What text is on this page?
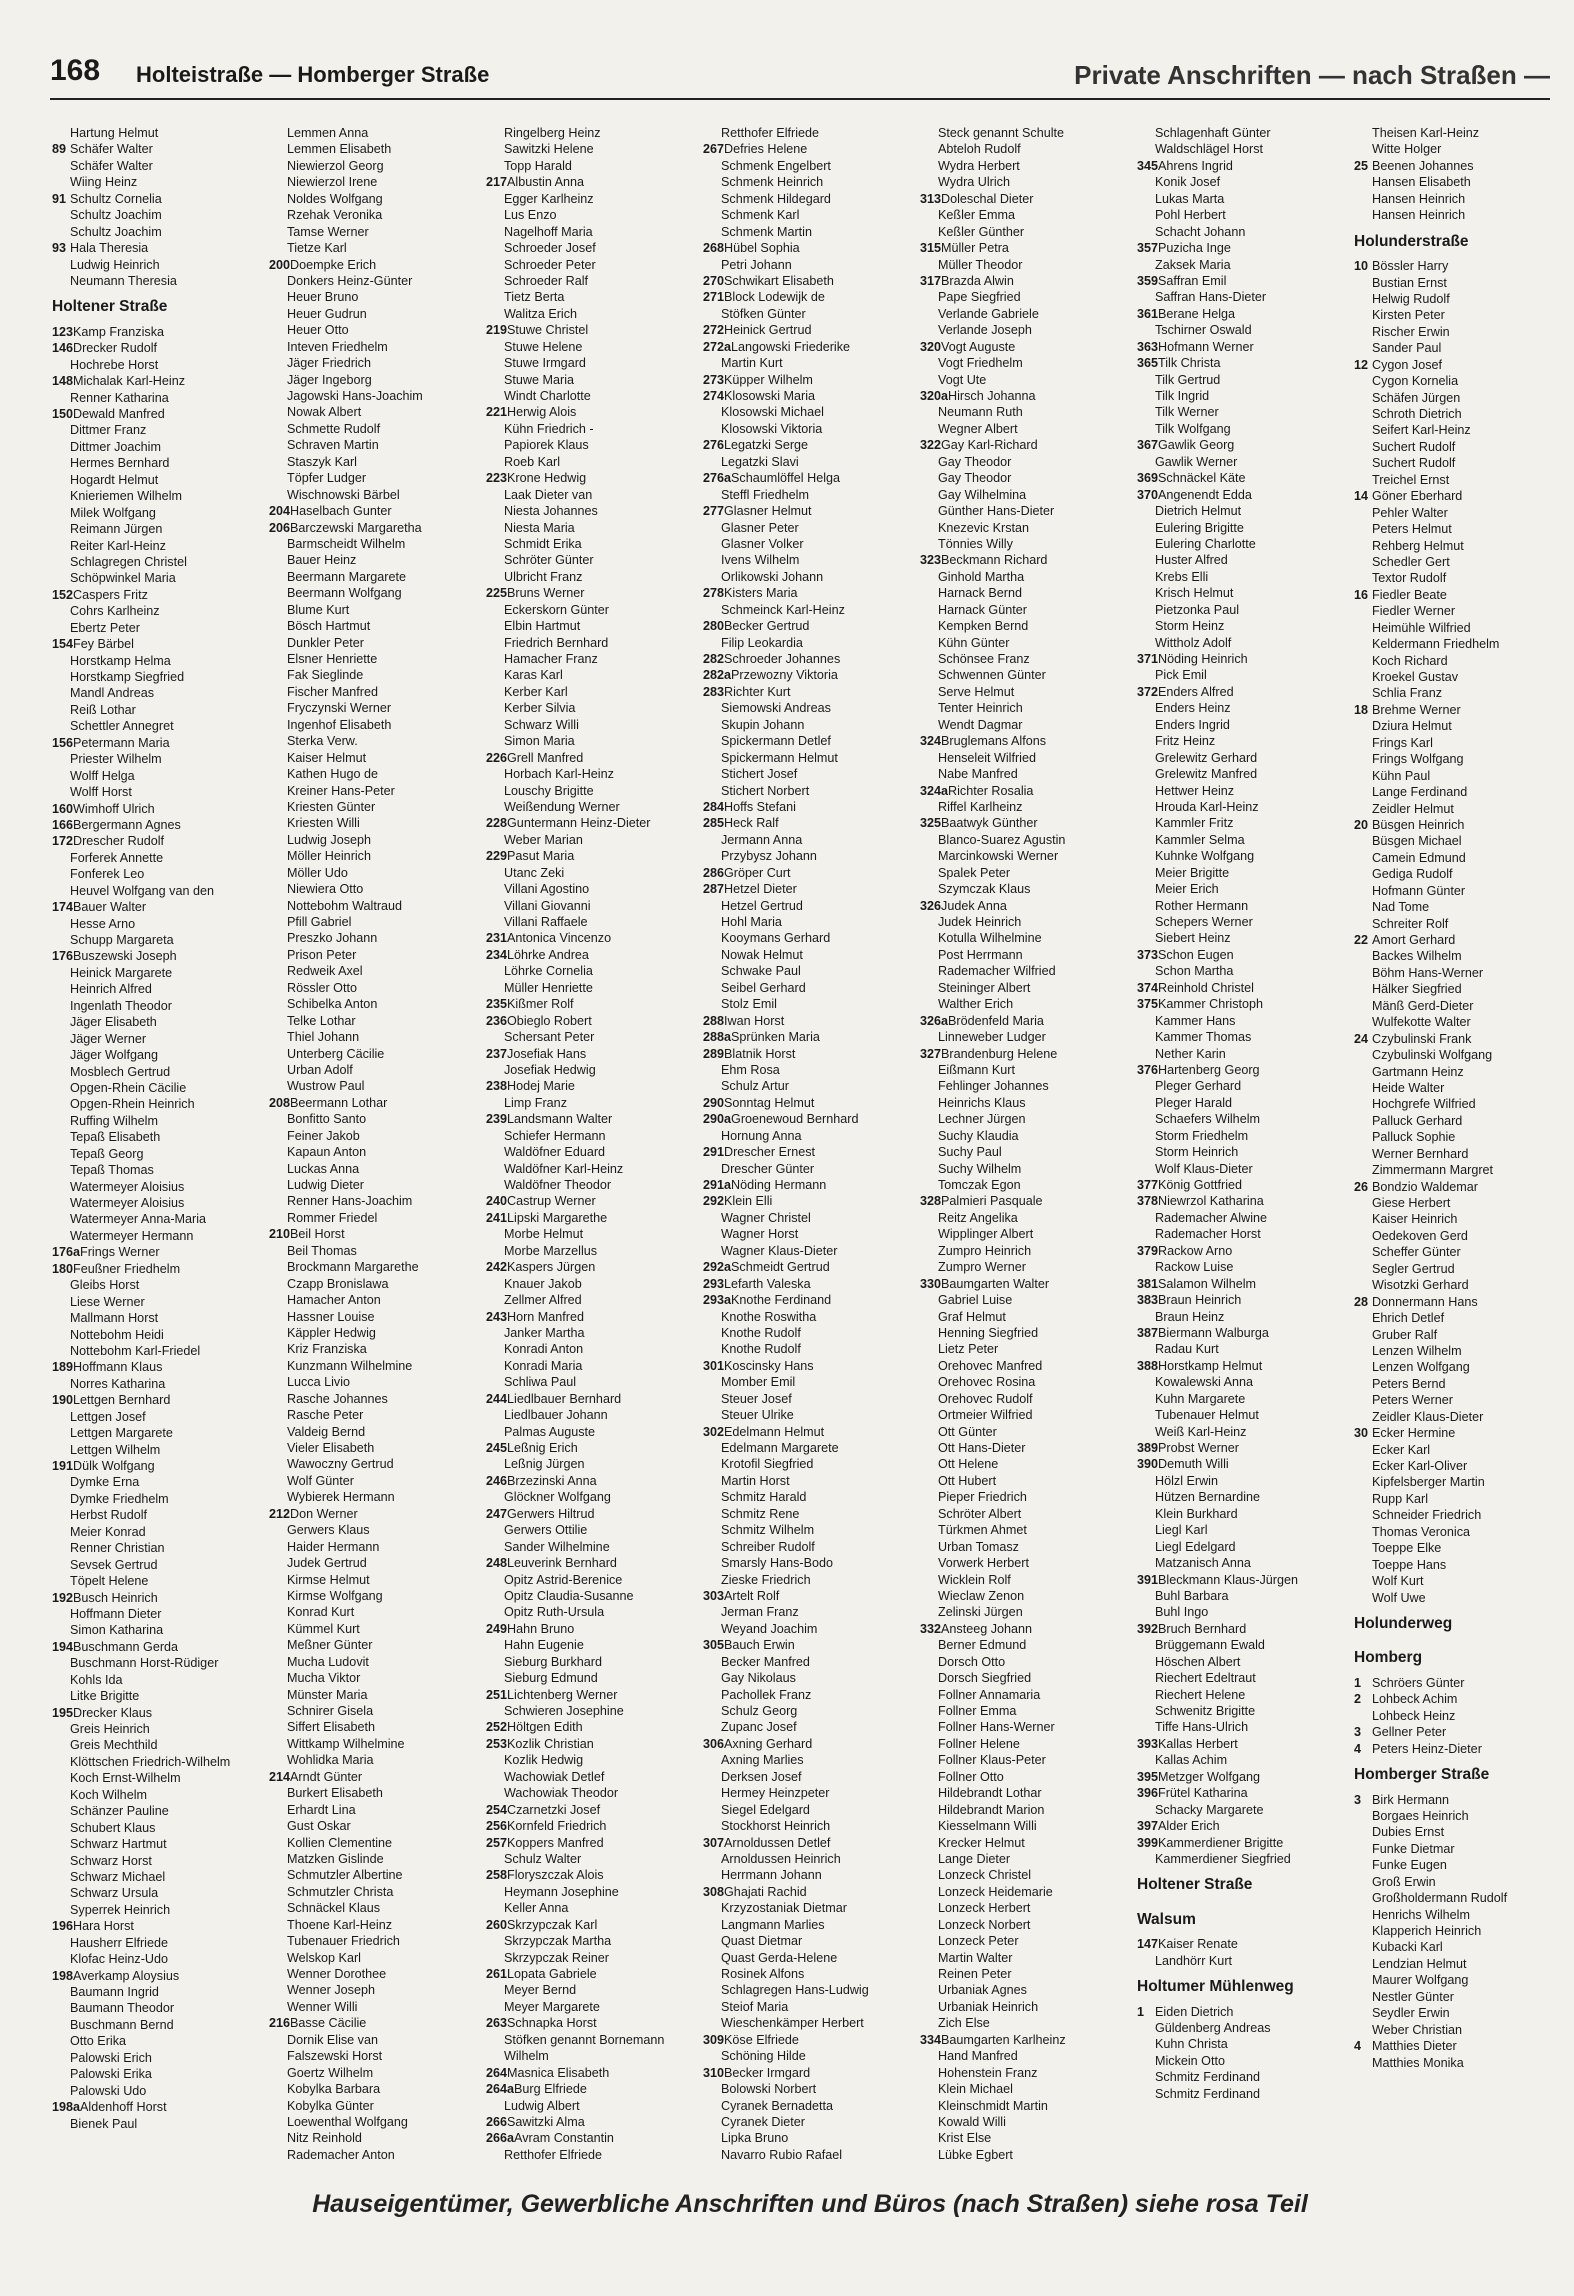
168 Holteistraße — Homberger Straße	Private Anschriften — nach Straßen —
Hartung Helmut
89Schäfer Walter
Schäfer Walter
Wiing Heinz
91Schultz Cornelia
Schultz Joachim
Schultz Joachim
93Hala Theresia
Ludwig Heinrich
Neumann Theresia
Holtener Straße
123Kamp Franziska
146Drecker Rudolf
Hochrebe Horst
148Michalak Karl-Heinz
Renner Katharina
150Dewald Manfred
Dittmer Franz
Dittmer Joachim
Hermes Bernhard
Hogardt Helmut
Knieriemen Wilhelm
Milek Wolfgang
Reimann Jürgen
Reiter Karl-Heinz
Schlagregen Christel
Schöpwinkel Maria
152Caspers Fritz
Cohrs Karlheinz
Ebertz Peter
154Fey Bärbel
Horstkamp Helma
Horstkamp Siegfried
Mandl Andreas
Reiß Lothar
Schettler Annegret
156Petermann Maria
Priester Wilhelm
Wolff Helga
Wolff Horst
160Wimhoff Ulrich
166Bergermann Agnes
172Drescher Rudolf
Forferek Annette
Fonferek Leo
Heuvel Wolfgang van den
174Bauer Walter
Hesse Arno
Schupp Margareta
176Buszewski Joseph
Heinick Margarete
Heinrich Alfred
Ingenlath Theodor
Jäger Elisabeth
Jäger Werner
Jäger Wolfgang
Mosblech Gertrud
Opgen-Rhein Cäcilie
Opgen-Rhein Heinrich
Ruffing Wilhelm
Tepaß Elisabeth
Tepaß Georg
Tepaß Thomas
Watermeyer Aloisius
Watermeyer Aloisius
Watermeyer Anna-Maria
Watermeyer Hermann
176aFrings Werner
180Feußner Friedhelm
Gleibs Horst
Liese Werner
Mallmann Horst
Nottebohm Heidi
Nottebohm Karl-Friedel
189Hoffmann Klaus
Norres Katharina
190Lettgen Bernhard
Lettgen Josef
Lettgen Margarete
Lettgen Wilhelm
191Dülk Wolfgang
Dymke Erna
Dymke Friedhelm
Herbst Rudolf
Meier Konrad
Renner Christian
Sevsek Gertrud
Töpelt Helene
192Busch Heinrich
Hoffmann Dieter
Simon Katharina
194Buschmann Gerda
Buschmann Horst-Rüdiger
Kohls Ida
Litke Brigitte
195Drecker Klaus
Greis Heinrich
Greis Mechthild
Klöttschen Friedrich-Wilhelm
Koch Ernst-Wilhelm
Koch Wilhelm
Schänzer Pauline
Schubert Klaus
Schwarz Hartmut
Schwarz Horst
Schwarz Michael
Schwarz Ursula
Syperrek Heinrich
196Hara Horst
Hausherr Elfriede
Klofac Heinz-Udo
198Averkamp Aloysius
Baumann Ingrid
Baumann Theodor
Buschmann Bernd
Otto Erika
Palowski Erich
Palowski Erika
Palowski Udo
198aAldenhoff Horst
Bienek Paul
Lemmen Anna
Lemmen Elisabeth
Niewierzol Georg
Niewierzol Irene
Noldes Wolfgang
Rzehak Veronika
Tamse Werner
Tietze Karl
200Doempke Erich
Donkers Heinz-Günter
Heuer Bruno
Heuer Gudrun
Heuer Otto
Inteven Friedhelm
Jäger Friedrich
Jäger Ingeborg
Jagowski Hans-Joachim
Nowak Albert
Schmette Rudolf
Schraven Martin
Staszyk Karl
Töpfer Ludger
Wischnowski Bärbel
204Haselbach Gunter
206Barczewski Margaretha
Barmscheidt Wilhelm
Bauer Heinz
Beermann Margarete
Beermann Wolfgang
Blume Kurt
Bösch Hartmut
Dunkler Peter
Elsner Henriette
Fak Sieglinde
Fischer Manfred
Fryczynski Werner
Ingenhof Elisabeth
Sterka Verw.
Kaiser Helmut
Kathen Hugo de
Kreiner Hans-Peter
Kriesten Günter
Kriesten Willi
Ludwig Joseph
Möller Heinrich
Möller Udo
Niewiera Otto
Nottebohm Waltraud
Pfill Gabriel
Preszko Johann
Prison Peter
Redweik Axel
Rössler Otto
Schibelka Anton
Telke Lothar
Thiel Johann
Unterberg Cäcilie
Urban Adolf
Wustrow Paul
208Beermann Lothar
Bonfitto Santo
Feiner Jakob
Kapaun Anton
Luckas Anna
Ludwig Dieter
Renner Hans-Joachim
Rommer Friedel
210Beil Horst
Beil Thomas
Brockmann Margarethe
Czapp Bronislawa
Hamacher Anton
Hassner Louise
Käppler Hedwig
Kriz Franziska
Kunzmann Wilhelmine
Lucca Livio
Rasche Johannes
Rasche Peter
Valdeig Bernd
Vieler Elisabeth
Wawoczny Gertrud
Wolf Günter
Wybierek Hermann
212Don Werner
Gerwers Klaus
Haider Hermann
Judek Gertrud
Kirmse Helmut
Kirmse Wolfgang
Konrad Kurt
Kümmel Kurt
Meßner Günter
Mucha Ludovit
Mucha Viktor
Münster Maria
Schnirer Gisela
Siffert Elisabeth
Wittkamp Wilhelmine
Wohlidka Maria
214Arndt Günter
Burkert Elisabeth
Erhardt Lina
Gust Oskar
Kollien Clementine
Matzken Gislinde
Schmutzler Albertine
Schmutzler Christa
Schnäckel Klaus
Thoene Karl-Heinz
Tubenauer Friedrich
Welskop Karl
Wenner Dorothee
Wenner Joseph
Wenner Willi
216Basse Cäcilie
Dornik Elise van
Falszewski Horst
Goertz Wilhelm
Kobylka Barbara
Kobylka Günter
Loewenthal Wolfgang
Nitz Reinhold
Rademacher Anton
Ringelberg Heinz
Sawitzki Helene
Topp Harald
217Albustin Anna
Egger Karlheinz
Lus Enzo
Nagelhoff Maria
Schroeder Josef
Schroeder Peter
Schroeder Ralf
Tietz Berta
Walitza Erich
219Stuwe Christel
Stuwe Helene
Stuwe Irmgard
Stuwe Maria
Windt Charlotte
221Herwig Alois
Kühn Friedrich -
Papiorek Klaus
Roeb Karl
223Krone Hedwig
Laak Dieter van
Niesta Johannes
Niesta Maria
Schmidt Erika
Schröter Günter
Ulbricht Franz
225Bruns Werner
Eckerskorn Günter
Elbin Hartmut
Friedrich Bernhard
Hamacher Franz
Karas Karl
Kerber Karl
Kerber Silvia
Schwarz Willi
Simon Maria
226Grell Manfred
Horbach Karl-Heinz
Louschy Brigitte
Weißendung Werner
228Guntermann Heinz-Dieter
Weber Marian
229Pasut Maria
Utanc Zeki
Villani Agostino
Villani Giovanni
Villani Raffaele
231Antonica Vincenzo
234Löhrke Andrea
Löhrke Cornelia
Müller Henriette
235Kißmer Rolf
236Obieglo Robert
Schersant Peter
237Josefiak Hans
Josefiak Hedwig
238Hodej Marie
Limp Franz
239Landsmann Walter
Schiefer Hermann
Waldöfner Eduard
Waldöfner Karl-Heinz
Waldöfner Theodor
240Castrup Werner
241Lipski Margarethe
Morbe Helmut
Morbe Marzellus
242Kaspers Jürgen
Knauer Jakob
Zellmer Alfred
243Horn Manfred
Janker Martha
Konradi Anton
Konradi Maria
Schliwa Paul
244Liedlbauer Bernhard
Liedlbauer Johann
Palmas Auguste
245Leßnig Erich
Leßnig Jürgen
246Brzezinski Anna
Glöckner Wolfgang
247Gerwers Hiltrud
Gerwers Ottilie
Sander Wilhelmine
248Leuverink Bernhard
Opitz Astrid-Berenice
Opitz Claudia-Susanne
Opitz Ruth-Ursula
249Hahn Bruno
Hahn Eugenie
Sieburg Burkhard
Sieburg Edmund
251Lichtenberg Werner
Schwieren Josephine
252Höltgen Edith
253Kozlik Christian
Kozlik Hedwig
Wachowiak Detlef
Wachowiak Theodor
254Czarnetzki Josef
256Kornfeld Friedrich
257Koppers Manfred
Schulz Walter
258Floryszczak Alois
Heymann Josephine
Keller Anna
260Skrzypczak Karl
Skrzypczak Martha
Skrzypczak Reiner
261Lopata Gabriele
Meyer Bernd
Meyer Margarete
263Schnapka Horst
Stöfken genannt Bornemann
Wilhelm
264Masnica Elisabeth
264aBurg Elfriede
Ludwig Albert
266Sawitzki Alma
266aAvram Constantin
Retthofer Elfriede
Retthofer Elfriede
267Defries Helene
Schmenk Engelbert
Schmenk Heinrich
Schmenk Hildegard
Schmenk Karl
Schmenk Martin
268Hübel Sophia
Petri Johann
270Schwikart Elisabeth
271Block Lodewijk de
Stöfken Günter
272Heinick Gertrud
272aLangowski Friederike
Martin Kurt
273Küpper Wilhelm
274Klosowski Maria
Klosowski Michael
Klosowski Viktoria
276Legatzki Serge
Legatzki Slavi
276aSchaumlöffel Helga
Steffl Friedhelm
277Glasner Helmut
Glasner Peter
Glasner Volker
Ivens Wilhelm
Orlikowski Johann
278Kisters Maria
Schmeinck Karl-Heinz
280Becker Gertrud
Filip Leokardia
282Schroeder Johannes
282aPrzewozny Viktoria
283Richter Kurt
Siemowski Andreas
Skupin Johann
Spickermann Detlef
Spickermann Helmut
Stichert Josef
Stichert Norbert
284Hoffs Stefani
285Heck Ralf
Jermann Anna
Przybysz Johann
286Gröper Curt
287Hetzel Dieter
Hetzel Gertrud
Hohl Maria
Kooymans Gerhard
Nowak Helmut
Schwake Paul
Seibel Gerhard
Stolz Emil
288Iwan Horst
288aSprünken Maria
289Blatnik Horst
Ehm Rosa
Schulz Artur
290Sonntag Helmut
290aGroenewoud Bernhard
Hornung Anna
291Drescher Ernest
Drescher Günter
291aNöding Hermann
292Klein Elli
Wagner Christel
Wagner Horst
Wagner Klaus-Dieter
292aSchmeidt Gertrud
293Lefarth Valeska
293aKnothe Ferdinand
Knothe Roswitha
Knothe Rudolf
Knothe Rudolf
301Koscinsky Hans
Momber Emil
Steuer Josef
Steuer Ulrike
302Edelmann Helmut
Edelmann Margarete
Krotofil Siegfried
Martin Horst
Schmitz Harald
Schmitz Rene
Schmitz Wilhelm
Schreiber Rudolf
Smarsly Hans-Bodo
Zieske Friedrich
303Artelt Rolf
Jerman Franz
Weyand Joachim
305Bauch Erwin
Becker Manfred
Gay Nikolaus
Pachollek Franz
Schulz Georg
Zupanc Josef
306Axning Gerhard
Axning Marlies
Derksen Josef
Hermey Heinzpeter
Siegel Edelgard
Stockhorst Heinrich
307Arnoldussen Detlef
Arnoldussen Heinrich
Herrmann Johann
308Ghajati Rachid
Krzyzostaniak Dietmar
Langmann Marlies
Quast Dietmar
Quast Gerda-Helene
Rosinek Alfons
Schlagregen Hans-Ludwig
Steiof Maria
Wieschenkämper Herbert
309Köse Elfriede
Schöning Hilde
310Becker Irmgard
Bolowski Norbert
Cyranek Bernadetta
Cyranek Dieter
Lipka Bruno
Navarro Rubio Rafael
Steck genannt Schulte
Abteloh Rudolf
Wydra Herbert
Wydra Ulrich
313Doleschal Dieter
Keßler Emma
Keßler Günther
315Müller Petra
Müller Theodor
317Brazda Alwin
Pape Siegfried
Verlande Gabriele
Verlande Joseph
320Vogt Auguste
Vogt Friedhelm
Vogt Ute
320aHirsch Johanna
Neumann Ruth
Wegner Albert
322Gay Karl-Richard
Gay Theodor
Gay Theodor
Gay Wilhelmina
Günther Hans-Dieter
Knezevic Krstan
Tönnies Willy
323Beckmann Richard
Ginhold Martha
Harnack Bernd
Harnack Günter
Kempken Bernd
Kühn Günter
Schönsee Franz
Schwennen Günter
Serve Helmut
Tenter Heinrich
Wendt Dagmar
324Bruglemans Alfons
Henseleit Wilfried
Nabe Manfred
324aRichter Rosalia
Riffel Karlheinz
325Baatwyk Günther
Blanco-Suarez Agustin
Marcinkowski Werner
Spalek Peter
Szymczak Klaus
326Judek Anna
Judek Heinrich
Kotulla Wilhelmine
Post Herrmann
Rademacher Wilfried
Steininger Albert
Walther Erich
326aBrödenfeld Maria
Linneweber Ludger
327Brandenburg Helene
Eißmann Kurt
Fehlinger Johannes
Heinrichs Klaus
Lechner Jürgen
Suchy Klaudia
Suchy Paul
Suchy Wilhelm
Tomczak Egon
328Palmieri Pasquale
Reitz Angelika
Wipplinger Albert
Zumpro Heinrich
Zumpro Werner
330Baumgarten Walter
Gabriel Luise
Graf Helmut
Henning Siegfried
Lietz Peter
Orehovec Manfred
Orehovec Rosina
Orehovec Rudolf
Ortmeier Wilfried
Ott Günter
Ott Hans-Dieter
Ott Helene
Ott Hubert
Pieper Friedrich
Schröter Albert
Türkmen Ahmet
Urban Tomasz
Vorwerk Herbert
Wicklein Rolf
Wieclaw Zenon
Zelinski Jürgen
332Ansteeg Johann
Berner Edmund
Dorsch Otto
Dorsch Siegfried
Follner Annamaria
Follner Emma
Follner Hans-Werner
Follner Helene
Follner Klaus-Peter
Follner Otto
Hildebrandt Lothar
Hildebrandt Marion
Kiesselmann Willi
Krecker Helmut
Lange Dieter
Lonzeck Christel
Lonzeck Heidemarie
Lonzeck Herbert
Lonzeck Norbert
Lonzeck Peter
Martin Walter
Reinen Peter
Urbaniak Agnes
Urbaniak Heinrich
Zich Else
334Baumgarten Karlheinz
Hand Manfred
Hohenstein Franz
Klein Michael
Kleinschmidt Martin
Kowald Willi
Krist Else
Lübke Egbert
Schlagenhaft Günter
Waldschlägel Horst
345Ahrens Ingrid
Konik Josef
Lukas Marta
Pohl Herbert
Schacht Johann
357Puzicha Inge
Zaksek Maria
359Saffran Emil
Saffran Hans-Dieter
361Berane Helga
Tschirner Oswald
363Hofmann Werner
365Tilk Christa
Tilk Gertrud
Tilk Ingrid
Tilk Werner
Tilk Wolfgang
367Gawlik Georg
Gawlik Werner
369Schnäckel Käte
370Angenendt Edda
Dietrich Helmut
Eulering Brigitte
Eulering Charlotte
Huster Alfred
Krebs Elli
Krisch Helmut
Pietzonka Paul
Storm Heinz
Wittholz Adolf
371Nöding Heinrich
Pick Emil
372Enders Alfred
Enders Heinz
Enders Ingrid
Fritz Heinz
Grelewitz Gerhard
Grelewitz Manfred
Hettwer Heinz
Hrouda Karl-Heinz
Kammler Fritz
Kammler Selma
Kuhnke Wolfgang
Meier Brigitte
Meier Erich
Rother Hermann
Schepers Werner
Siebert Heinz
373Schon Eugen
Schon Martha
374Reinhold Christel
375Kammer Christoph
Kammer Hans
Kammer Thomas
Nether Karin
376Hartenberg Georg
Pleger Gerhard
Pleger Harald
Schaefers Wilhelm
Storm Friedhelm
Storm Heinrich
Wolf Klaus-Dieter
377König Gottfried
378Niewrzol Katharina
Rademacher Alwine
Rademacher Horst
379Rackow Arno
Rackow Luise
381Salamon Wilhelm
383Braun Heinrich
Braun Heinz
387Biermann Walburga
Radau Kurt
388Horstkamp Helmut
Kowalewski Anna
Kuhn Margarete
Tubenauer Helmut
Weiß Karl-Heinz
389Probst Werner
390Demuth Willi
Hölzl Erwin
Hützen Bernardine
Klein Burkhard
Liegl Karl
Liegl Edelgard
Matzanisch Anna
391Bleckmann Klaus-Jürgen
Buhl Barbara
Buhl Ingo
392Bruch Bernhard
Brüggemann Ewald
Höschen Albert
Riechert Edeltraut
Riechert Helene
Schwenitz Brigitte
Tiffe Hans-Ulrich
393Kallas Herbert
Kallas Achim
395Metzger Wolfgang
396Frütel Katharina
Schacky Margarete
397Alder Erich
399Kammerdiener Brigitte
Kammerdiener Siegfried
Holtener Straße
Walsum
147Kaiser Renate
Landhörr Kurt
Holtumer Mühlenweg
1Eiden Dietrich
Güldenberg Andreas
Kuhn Christa
Mickein Otto
Schmitz Ferdinand
Schmitz Ferdinand
Theisen Karl-Heinz
Witte Holger
25Beenen Johannes
Hansen Elisabeth
Hansen Heinrich
Hansen Heinrich
Holunderstraße
10Bössler Harry
Bustian Ernst
Helwig Rudolf
Kirsten Peter
Rischer Erwin
Sander Paul
12Cygon Josef
Cygon Kornelia
Schäfen Jürgen
Schroth Dietrich
Seifert Karl-Heinz
Suchert Rudolf
Suchert Rudolf
Treichel Ernst
14Göner Eberhard
Pehler Walter
Peters Helmut
Rehberg Helmut
Schedler Gert
Textor Rudolf
16Fiedler Beate
Fiedler Werner
Heimühle Wilfried
Keldermann Friedhelm
Koch Richard
Kroekel Gustav
Schlia Franz
18Brehme Werner
Dziura Helmut
Frings Karl
Frings Wolfgang
Kühn Paul
Lange Ferdinand
Zeidler Helmut
20Büsgen Heinrich
Büsgen Michael
Camein Edmund
Gediga Rudolf
Hofmann Günter
Nad Tome
Schreiter Rolf
22Amort Gerhard
Backes Wilhelm
Böhm Hans-Werner
Hälker Siegfried
Mänß Gerd-Dieter
Wulfekotte Walter
24Czybulinski Frank
Czybulinski Wolfgang
Gartmann Heinz
Heide Walter
Hochgrefe Wilfried
Palluck Gerhard
Palluck Sophie
Werner Bernhard
Zimmermann Margret
26Bondzio Waldemar
Giese Herbert
Kaiser Heinrich
Oedekoven Gerd
Scheffer Günter
Segler Gertrud
Wisotzki Gerhard
28Donnermann Hans
Ehrich Detlef
Gruber Ralf
Lenzen Wilhelm
Lenzen Wolfgang
Peters Bernd
Peters Werner
Zeidler Klaus-Dieter
30Ecker Hermine
Ecker Karl
Ecker Karl-Oliver
Kipfelsberger Martin
Rupp Karl
Schneider Friedrich
Thomas Veronica
Toeppe Elke
Toeppe Hans
Wolf Kurt
Wolf Uwe
Holunderweg
Homberg
1Schröers Günter
2Lohbeck Achim
Lohbeck Heinz
3Gellner Peter
4Peters Heinz-Dieter
Homberger Straße
3Birk Hermann
Borgaes Heinrich
Dubies Ernst
Funke Dietmar
Funke Eugen
Groß Erwin
Großholdermann Rudolf
Henrichs Wilhelm
Klapperich Heinrich
Kubacki Karl
Lendzian Helmut
Maurer Wolfgang
Nestler Günter
Seydler Erwin
Weber Christian
4Matthies Dieter
Matthies Monika
Hauseigentümer, Gewerbliche Anschriften und Büros (nach Straßen) siehe rosa Teil
